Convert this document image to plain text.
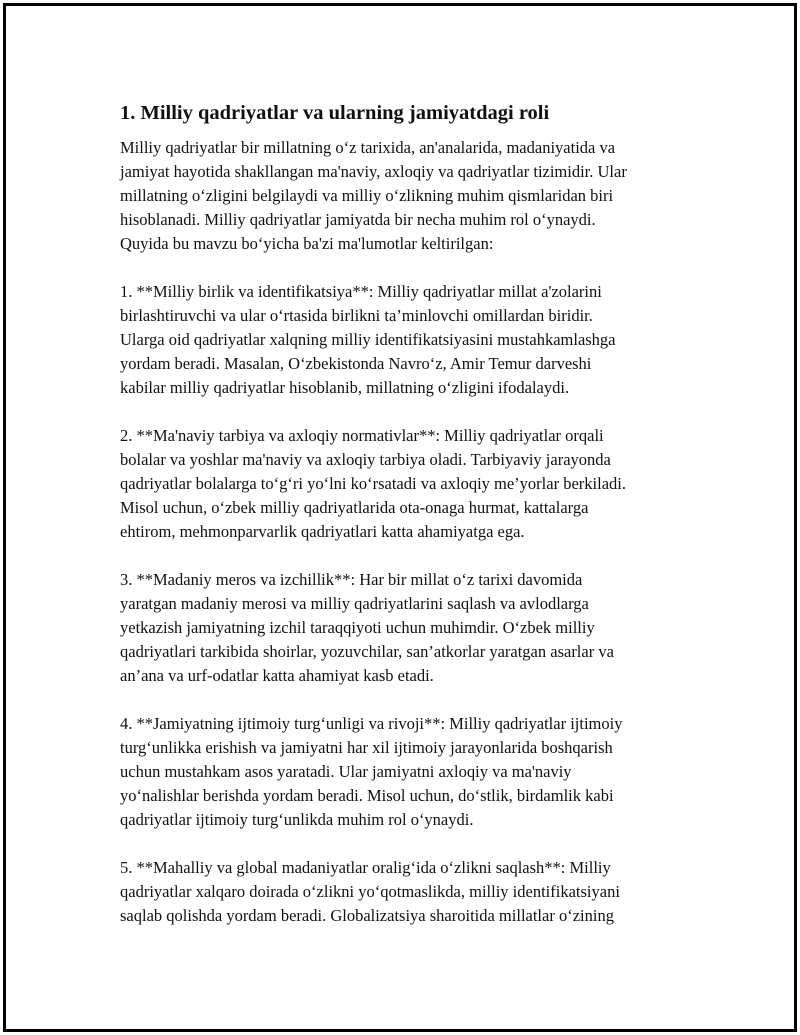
1. Milliy qadriyatlar va ularning jamiyatdagi roli

Milliy qadriyatlar bir millatning o‘z tarixida, an'analarida, madaniyatida va
jamiyat hayotida shakllangan ma'naviy, axloqiy va qadriyatlar tizimidir. Ular
millatning o‘zligini belgilaydi va milliy o‘zlikning muhim qismlaridan biri
hisoblanadi. Milliy qadriyatlar jamiyatda bir necha muhim rol o‘ynaydi.
Quyida bu mavzu bo‘yicha ba'zi ma'lumotlar keltirilgan:

1. **Milliy birlik va identifikatsiya**: Milliy qadriyatlar millat a'zolarini
birlashtiruvchi va ular o‘rtasida birlikni ta’minlovchi omillardan biridir.
Ularga oid qadriyatlar xalqning milliy identifikatsiyasini mustahkamlashga
yordam beradi. Masalan, O‘zbekistonda Navro‘z, Amir Temur darveshi
kabilar milliy qadriyatlar hisoblanib, millatning o‘zligini ifodalaydi.

2. **Ma'naviy tarbiya va axloqiy normativlar**: Milliy qadriyatlar orqali
bolalar va yoshlar ma'naviy va axloqiy tarbiya oladi. Tarbiyaviy jarayonda
qadriyatlar bolalarga to‘g‘ri yo‘lni ko‘rsatadi va axloqiy me’yorlar berkiladi.
Misol uchun, o‘zbek milliy qadriyatlarida ota-onaga hurmat, kattalarga
ehtirom, mehmonparvarlik qadriyatlari katta ahamiyatga ega.

3. **Madaniy meros va izchillik**: Har bir millat o‘z tarixi davomida
yaratgan madaniy merosi va milliy qadriyatlarini saqlash va avlodlarga
yetkazish jamiyatning izchil taraqqiyoti uchun muhimdir. O‘zbek milliy
qadriyatlari tarkibida shoirlar, yozuvchilar, san’atkorlar yaratgan asarlar va
an’ana va urf-odatlar katta ahamiyat kasb etadi.

4. **Jamiyatning ijtimoiy turg‘unligi va rivoji**: Milliy qadriyatlar ijtimoiy
turg‘unlikka erishish va jamiyatni har xil ijtimoiy jarayonlarida boshqarish
uchun mustahkam asos yaratadi. Ular jamiyatni axloqiy va ma'naviy
yo‘nalishlar berishda yordam beradi. Misol uchun, do‘stlik, birdamlik kabi
qadriyatlar ijtimoiy turg‘unlikda muhim rol o‘ynaydi.

5. **Mahalliy va global madaniyatlar oralig‘ida o‘zlikni saqlash**: Milliy
qadriyatlar xalqaro doirada o‘zlikni yo‘qotmaslikda, milliy identifikatsiyani
saqlab qolishda yordam beradi. Globalizatsiya sharoitida millatlar o‘zining
